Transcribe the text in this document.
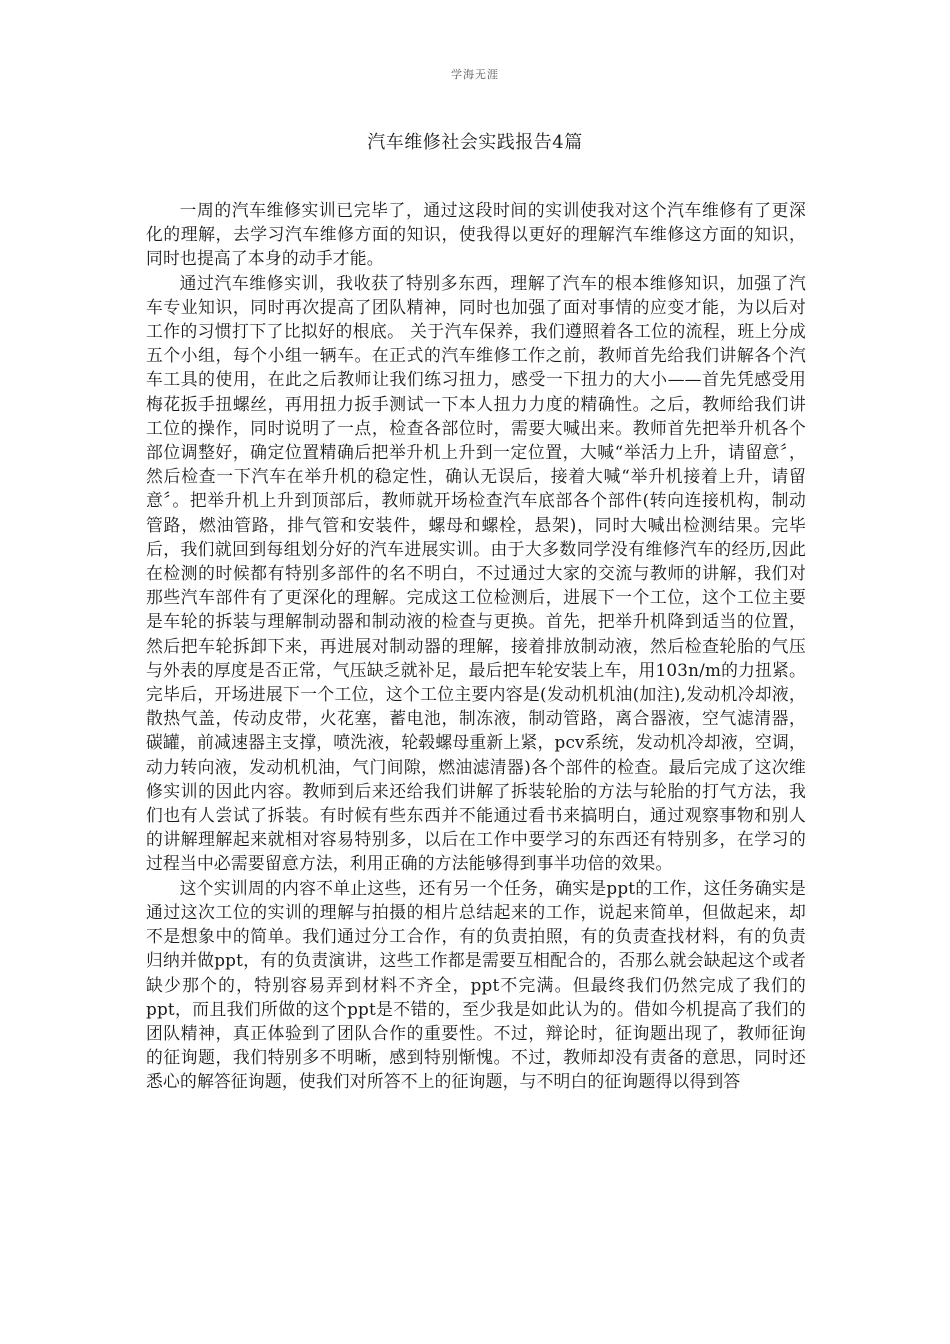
学海无涯
汽车维修社会实践报告4篇

一周的汽车维修实训已完毕了，通过这段时间的实训使我对这个汽车维修有了更深化的理解，去学习汽车维修方面的知识，使我得以更好的理解汽车维修这方面的知识，同时也提高了本身的动手才能。

通过汽车维修实训，我收获了特别多东西，理解了汽车的根本维修知识，加强了汽车专业知识，同时再次提高了团队精神，同时也加强了面对事情的应变才能，为以后对工作的习惯打下了比拟好的根底。 关于汽车保养，我们遵照着各工位的流程，班上分成五个小组，每个小组一辆车。在正式的汽车维修工作之前，教师首先给我们讲解各个汽车工具的使用，在此之后教师让我们练习扭力，感受一下扭力的大小——首先凭感受用梅花扳手扭螺丝，再用扭力扳手测试一下本人扭力力度的精确性。之后，教师给我们讲工位的操作，同时说明了一点，检查各部位时，需要大喊出来。教师首先把举升机各个部位调整好，确定位置精确后把举升机上升到一定位置，大喊“举活力上升，请留意〞，然后检查一下汽车在举升机的稳定性，确认无误后，接着大喊“举升机接着上升，请留意〞。把举升机上升到顶部后，教师就开场检查汽车底部各个部件(转向连接机构，制动管路，燃油管路，排气管和安装件，螺母和螺栓，悬架)，同时大喊出检测结果。完毕后，我们就回到每组划分好的汽车进展实训。由于大多数同学没有维修汽车的经历,因此在检测的时候都有特别多部件的名不明白，不过通过大家的交流与教师的讲解，我们对那些汽车部件有了更深化的理解。完成这工位检测后，进展下一个工位，这个工位主要是车轮的拆装与理解制动器和制动液的检查与更换。首先，把举升机降到适当的位置，然后把车轮拆卸下来，再进展对制动器的理解，接着排放制动液，然后检查轮胎的气压与外表的厚度是否正常，气压缺乏就补足，最后把车轮安装上车，用103n/m的力扭紧。完毕后，开场进展下一个工位，这个工位主要内容是(发动机机油(加注),发动机冷却液，散热气盖，传动皮带，火花塞，蓄电池，制冻液，制动管路，离合器液，空气滤清器，碳罐，前减速器主支撑，喷洗液，轮毂螺母重新上紧，pcv系统，发动机冷却液，空调，动力转向液，发动机机油，气门间隙，燃油滤清器)各个部件的检查。最后完成了这次维修实训的因此内容。教师到后来还给我们讲解了拆装轮胎的方法与轮胎的打气方法，我们也有人尝试了拆装。有时候有些东西并不能通过看书来搞明白，通过观察事物和别人的讲解理解起来就相对容易特别多，以后在工作中要学习的东西还有特别多，在学习的过程当中必需要留意方法，利用正确的方法能够得到事半功倍的效果。

这个实训周的内容不单止这些，还有另一个任务，确实是ppt的工作，这任务确实是通过这次工位的实训的理解与拍摄的相片总结起来的工作，说起来简单，但做起来，却不是想象中的简单。我们通过分工合作，有的负责拍照，有的负责查找材料，有的负责归纳并做ppt，有的负责演讲，这些工作都是需要互相配合的，否那么就会缺起这个或者缺少那个的，特别容易弄到材料不齐全，ppt不完满。但最终我们仍然完成了我们的ppt，而且我们所做的这个ppt是不错的，至少我是如此认为的。借如今机提高了我们的团队精神，真正体验到了团队合作的重要性。不过，辩论时，征询题出现了，教师征询的征询题，我们特别多不明晰，感到特别惭愧。不过，教师却没有责备的意思，同时还悉心的解答征询题，使我们对所答不上的征询题，与不明白的征询题得以得到答
